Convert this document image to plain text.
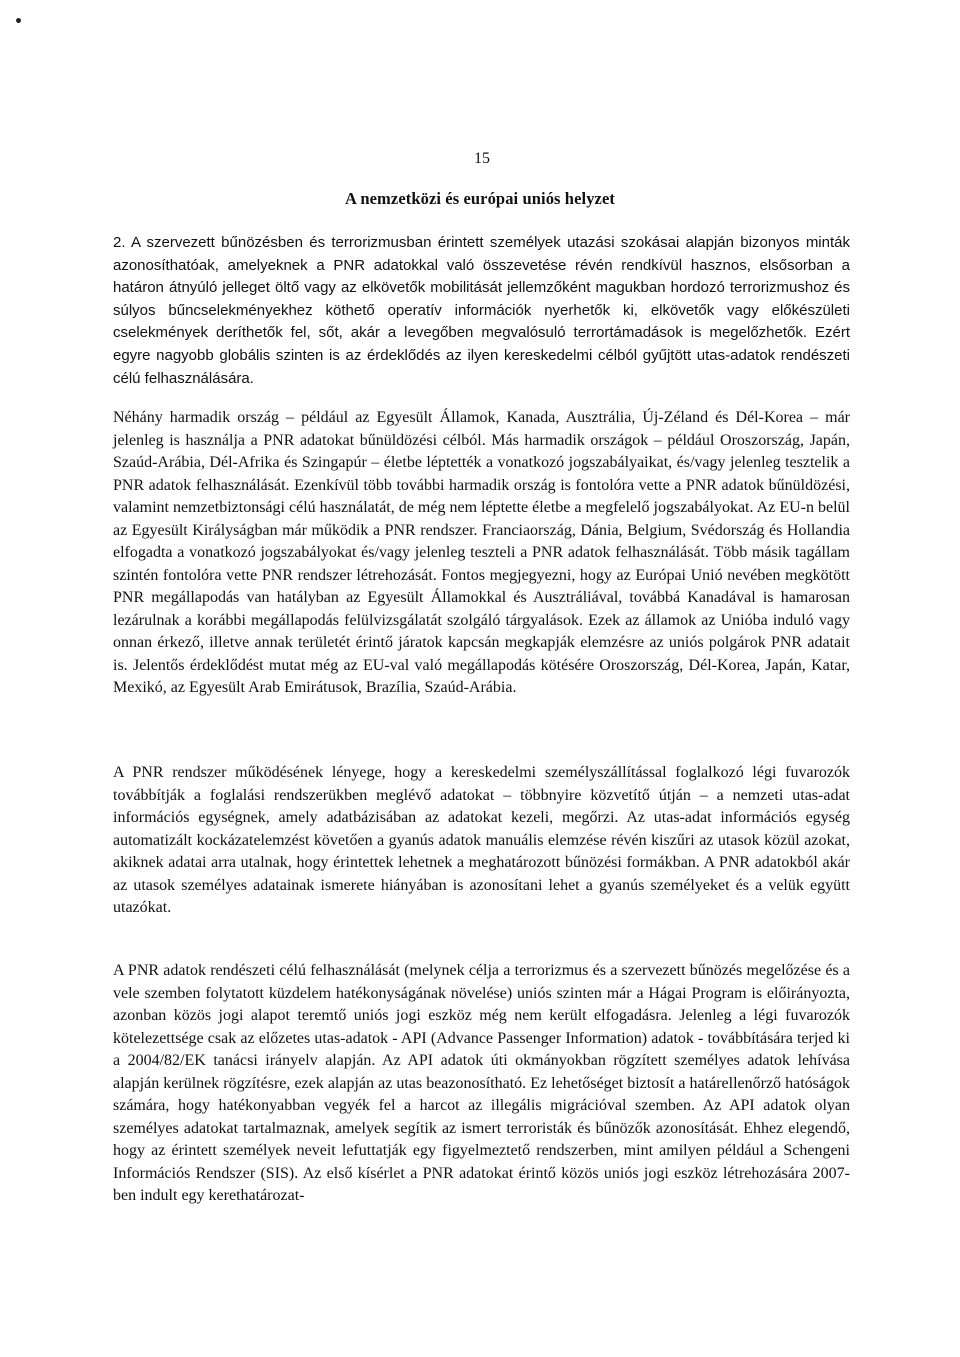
15
A nemzetközi és európai uniós helyzet

2. A szervezett bűnözésben és terrorizmusban érintett személyek utazási szokásai alapján bizonyos minták azonosíthatóak, amelyeknek a PNR adatokkal való összevetése révén rendkívül hasznos, elsősorban a határon átnyúló jelleget öltő vagy az elkövetők mobilitását jellemzőként magukban hordozó terrorizmushoz és súlyos bűncselekményekhez köthető operatív információk nyerhetők ki, elkövetők vagy előkészületi cselekmények deríthetők fel, sőt, akár a levegőben megvalósuló terrortámadások is megelőzhetők. Ezért egyre nagyobb globális szinten is az érdeklődés az ilyen kereskedelmi célból gyűjtött utas-adatok rendészeti célú felhasználására.

Néhány harmadik ország – például az Egyesült Államok, Kanada, Ausztrália, Új-Zéland és Dél-Korea – már jelenleg is használja a PNR adatokat bűnüldözési célból. Más harmadik országok – például Oroszország, Japán, Szaúd-Arábia, Dél-Afrika és Szingapúr – életbe léptették a vonatkozó jogszabályaikat, és/vagy jelenleg tesztelik a PNR adatok felhasználását. Ezenkívül több további harmadik ország is fontolóra vette a PNR adatok bűnüldözési, valamint nemzetbiztonsági célú használatát, de még nem léptette életbe a megfelelő jogszabályokat. Az EU-n belül az Egyesült Királyságban már működik a PNR rendszer. Franciaország, Dánia, Belgium, Svédország és Hollandia elfogadta a vonatkozó jogszabályokat és/vagy jelenleg teszteli a PNR adatok felhasználását. Több másik tagállam szintén fontolóra vette PNR rendszer létrehozását. Fontos megjegyezni, hogy az Európai Unió nevében megkötött PNR megállapodás van hatályban az Egyesült Államokkal és Ausztráliával, továbbá Kanadával is hamarosan lezárulnak a korábbi megállapodás felülvizsgálatát szolgáló tárgyalások. Ezek az államok az Unióba induló vagy onnan érkező, illetve annak területét érintő járatok kapcsán megkapják elemzésre az uniós polgárok PNR adatait is. Jelentős érdeklődést mutat még az EU-val való megállapodás kötésére Oroszország, Dél-Korea, Japán, Katar, Mexikó, az Egyesült Arab Emirátusok, Brazília, Szaúd-Arábia.

A PNR rendszer működésének lényege, hogy a kereskedelmi személyszállítással foglalkozó légi fuvarozók továbbítják a foglalási rendszerükben meglévő adatokat – többnyire közvetítő útján – a nemzeti utas-adat információs egységnek, amely adatbázisában az adatokat kezeli, megőrzi. Az utas-adat információs egység automatizált kockázatelemzést követően a gyanús adatok manuális elemzése révén kiszűri az utasok közül azokat, akiknek adatai arra utalnak, hogy érintettek lehetnek a meghatározott bűnözési formákban. A PNR adatokból akár az utasok személyes adatainak ismerete hiányában is azonosítani lehet a gyanús személyeket és a velük együtt utazókat.

A PNR adatok rendészeti célú felhasználását (melynek célja a terrorizmus és a szervezett bűnözés megelőzése és a vele szemben folytatott küzdelem hatékonyságának növelése) uniós szinten már a Hágai Program is előirányozta, azonban közös jogi alapot teremtő uniós jogi eszköz még nem került elfogadásra. Jelenleg a légi fuvarozók kötelezettsége csak az előzetes utas-adatok - API (Advance Passenger Information) adatok - továbbítására terjed ki a 2004/82/EK tanácsi irányelv alapján. Az API adatok úti okmányokban rögzített személyes adatok lehívása alapján kerülnek rögzítésre, ezek alapján az utas beazonosítható. Ez lehetőséget biztosít a határellenőrző hatóságok számára, hogy hatékonyabban vegyék fel a harcot az illegális migrációval szemben. Az API adatok olyan személyes adatokat tartalmaznak, amelyek segítik az ismert terroristák és bűnözők azonosítását. Ehhez elegendő, hogy az érintett személyek neveit lefuttatják egy figyelmeztető rendszerben, mint amilyen például a Schengeni Információs Rendszer (SIS). Az első kísérlet a PNR adatokat érintő közös uniós jogi eszköz létrehozására 2007-ben indult egy kerethatározat-
